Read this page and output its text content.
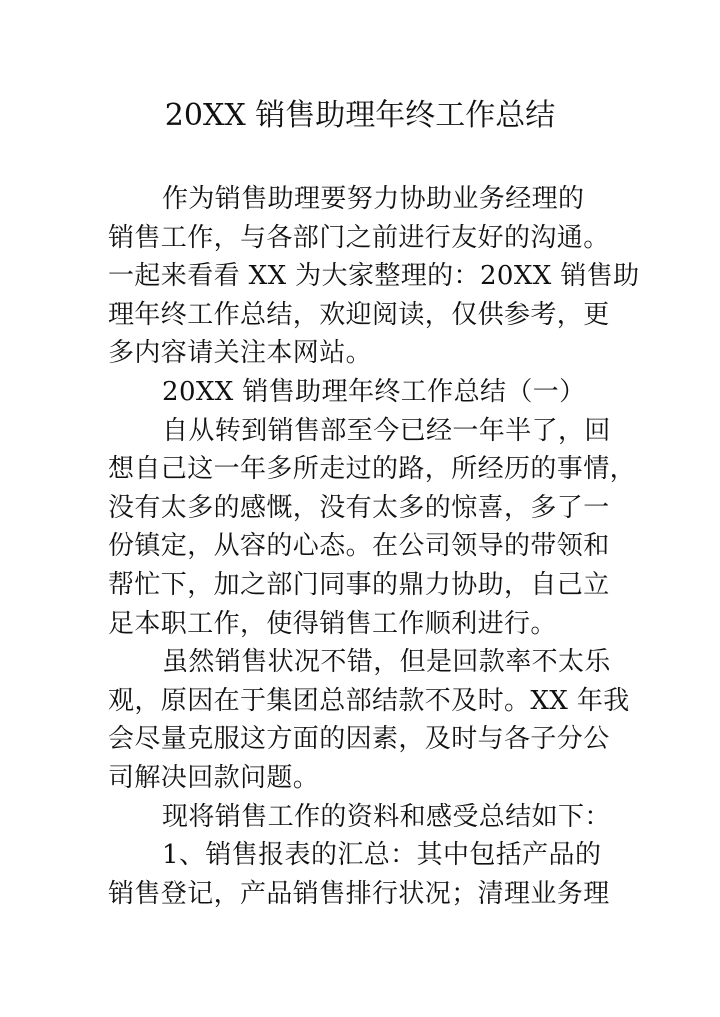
20XX 销售助理年终工作总结
作为销售助理要努力协助业务经理的
销售工作，与各部门之前进行友好的沟通。
一起来看看 XX 为大家整理的：20XX 销售助
理年终工作总结，欢迎阅读，仅供参考，更
多内容请关注本网站。
20XX 销售助理年终工作总结（一）
自从转到销售部至今已经一年半了，回
想自己这一年多所走过的路，所经历的事情，
没有太多的感慨，没有太多的惊喜，多了一
份镇定，从容的心态。在公司领导的带领和
帮忙下，加之部门同事的鼎力协助，自己立
足本职工作，使得销售工作顺利进行。
虽然销售状况不错，但是回款率不太乐
观，原因在于集团总部结款不及时。XX 年我
会尽量克服这方面的因素，及时与各子分公
司解决回款问题。
现将销售工作的资料和感受总结如下：
1、销售报表的汇总：其中包括产品的
销售登记，产品销售排行状况；清理业务理
